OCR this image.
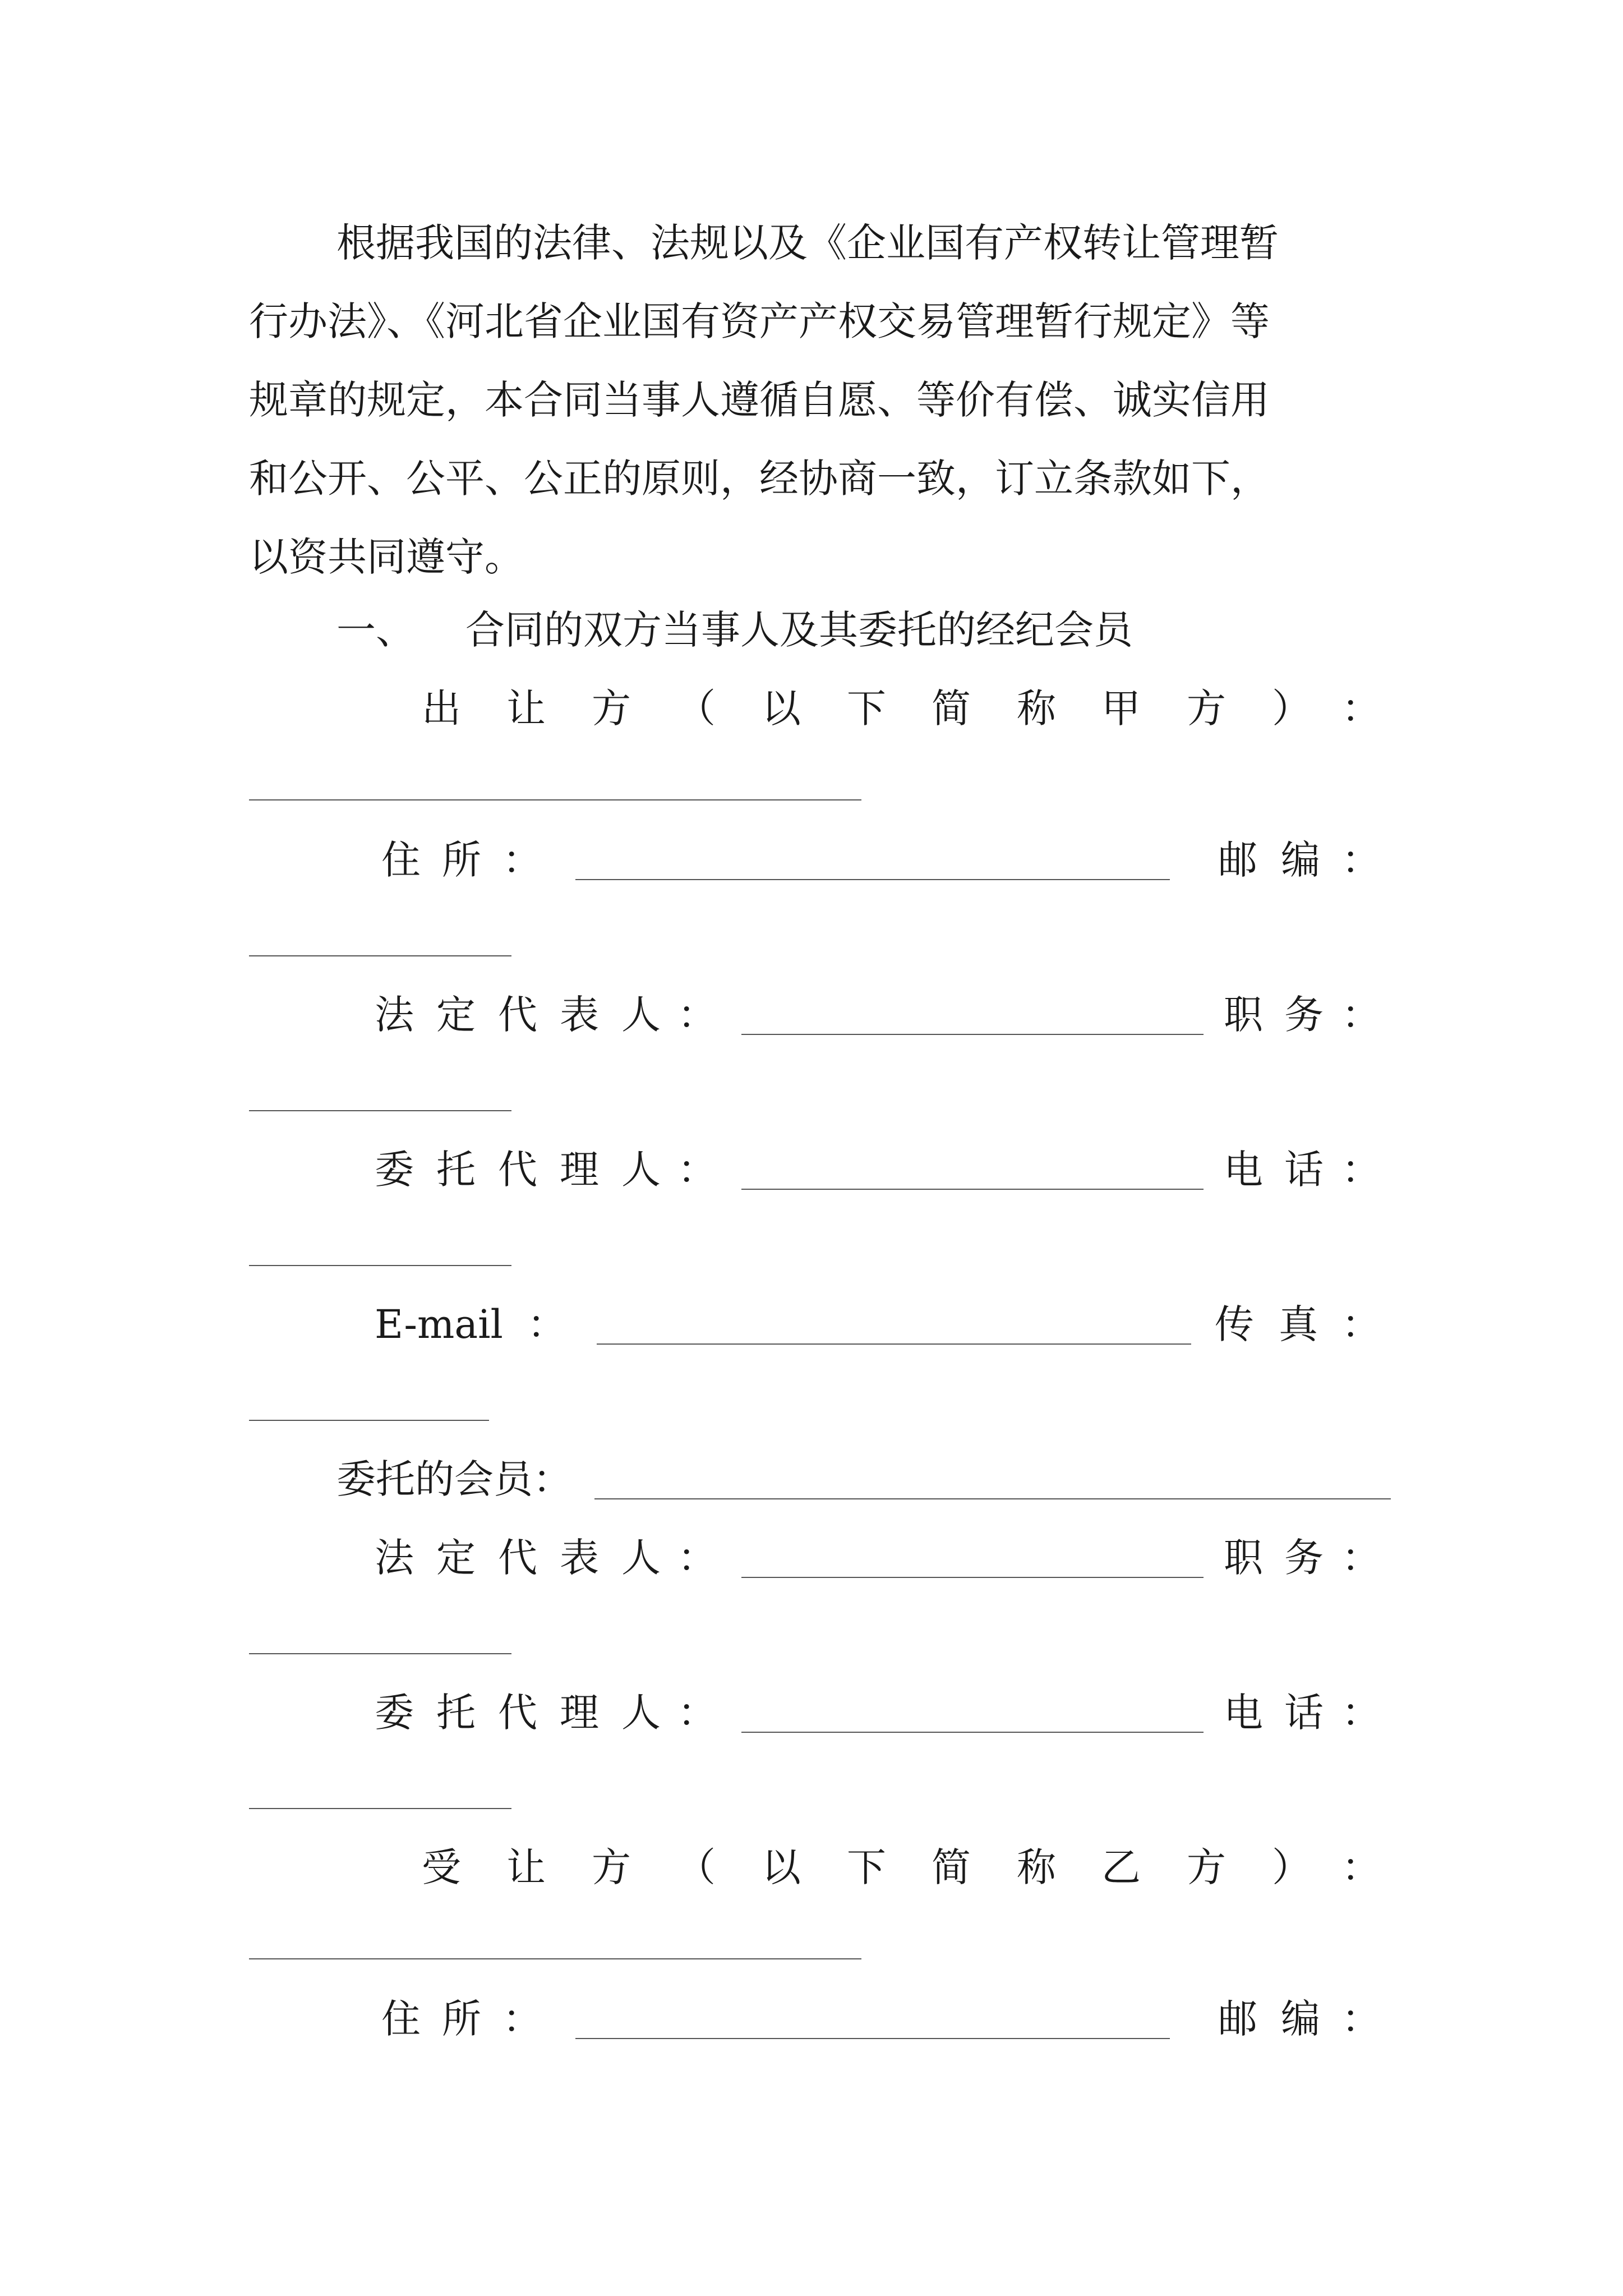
根据我国的法律、法规以及《企业国有产权转让管理暂
行办法》、《河北省企业国有资产产权交易管理暂行规定》等
规章的规定，本合同当事人遵循自愿、等价有偿、诚实信用
和公开、公平、公正的原则，经协商一致，订立条款如下，
以资共同遵守。
一、 合同的双方当事人及其委托的经纪会员
出 让 方 （ 以 下 简 称 甲 方 ） ：
住 所 ：	邮 编 ：
法 定 代 表 人 ：	职 务 ：
委 托 代 理 人 ：	电 话 ：
E-mail ：	传 真 ：
委托的会员：
法 定 代 表 人 ：	职 务 ：
委 托 代 理 人 ：	电 话 ：
受 让 方 （ 以 下 简 称 乙 方 ） ：
住 所 ：	邮 编 ：
